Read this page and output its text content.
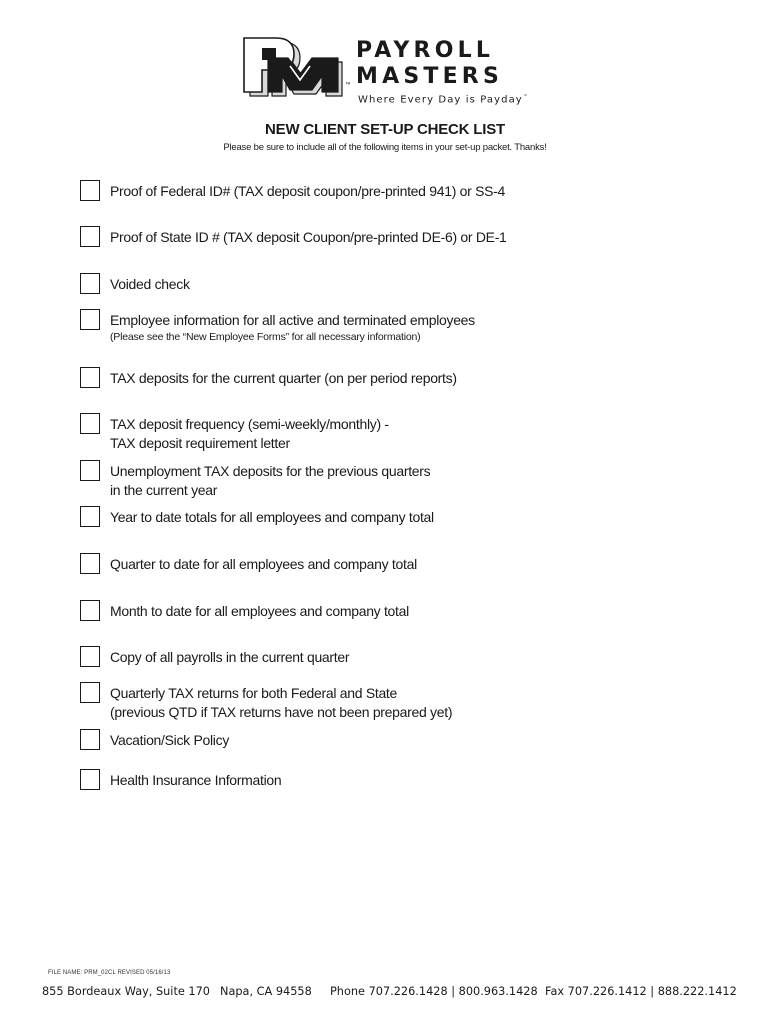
™
PAYROLL
MASTERS
Where Every Day is Payday™
NEW CLIENT SET-UP CHECK LIST
Please be sure to include all of the following items in your set-up packet. Thanks!
Proof of Federal ID# (TAX deposit coupon/pre-printed 941) or SS-4
Proof of State ID # (TAX deposit Coupon/pre-printed DE-6) or DE-1
Voided check
Employee information for all active and terminated employees
(Please see the “New Employee Forms” for all necessary information)
TAX deposits for the current quarter (on per period reports)
TAX deposit frequency (semi-weekly/monthly) -
TAX deposit requirement letter
Unemployment TAX deposits for the previous quarters
in the current year
Year to date totals for all employees and company total
Quarter to date for all employees and company total
Month to date for all employees and company total
Copy of all payrolls in the current quarter
Quarterly TAX returns for both Federal and State
(previous QTD if TAX returns have not been prepared yet)
Vacation/Sick Policy
Health Insurance Information
FILE NAME: PRM_02CL REVISED 05/16/13
855 Bordeaux Way, Suite 170 Napa, CA 94558 Phone 707.226.1428 | 800.963.1428 Fax 707.226.1412 | 888.222.1412
